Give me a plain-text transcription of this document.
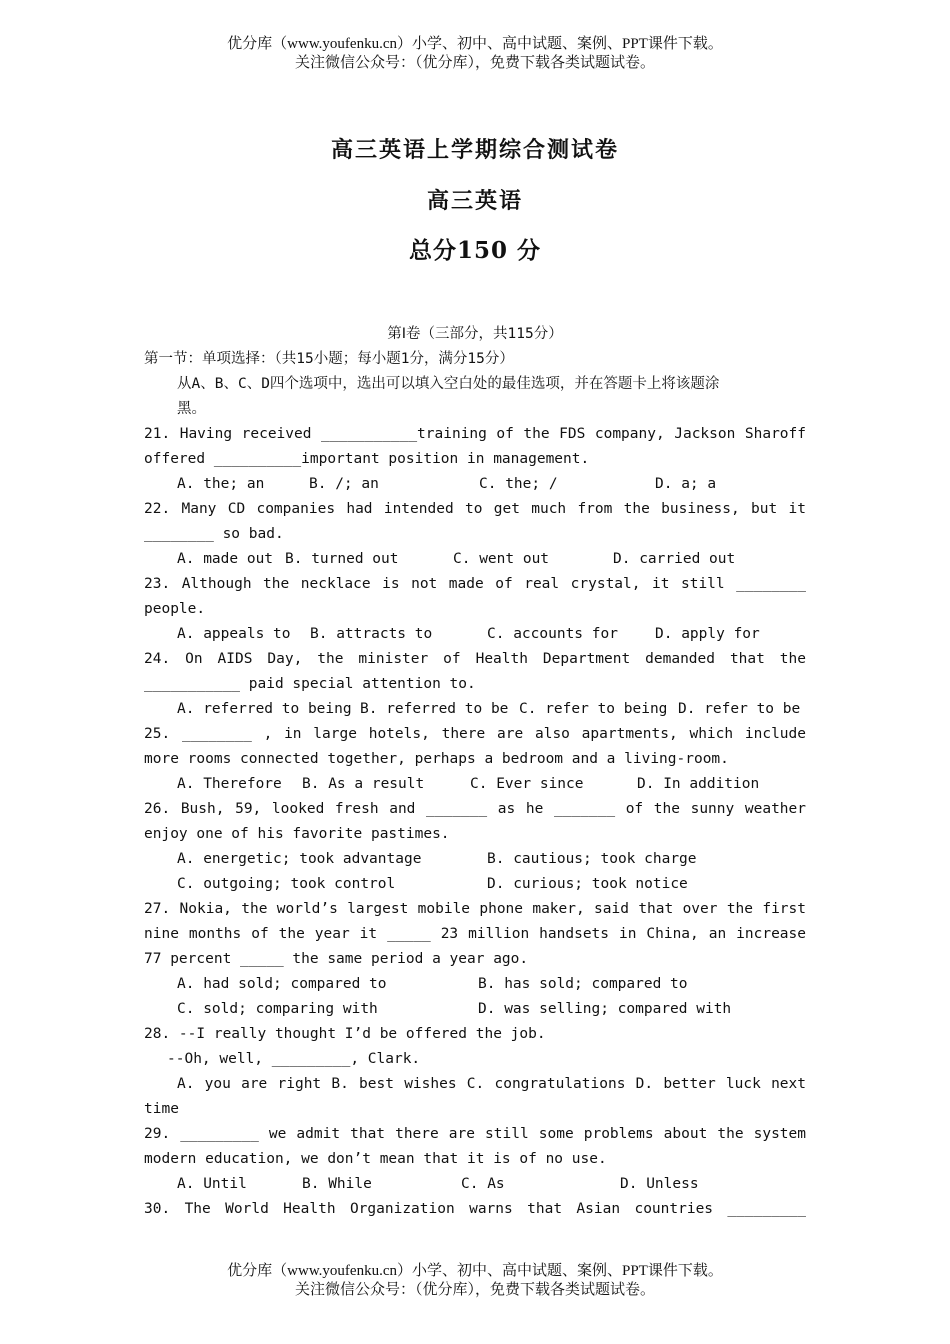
优分库（www.youfenku.cn）小学、初中、高中试题、案例、PPT课件下载。
关注微信公众号：（优分库），免费下载各类试题试卷。
高三英语上学期综合测试卷
高三英语
总分150 分
第Ⅰ卷（三部分，共115分）
第一节：单项选择：（共15小题；每小题1分，满分15分）
从A、B、C、D四个选项中，选出可以填入空白处的最佳选项，并在答题卡上将该题涂
黑。
21. Having received ___________training of the FDS company, Jackson Sharoff
offered __________important position in management.
A. the; an	B. /; an	C. the; /	D. a; a
22. Many CD companies had intended to get much from the business, but it
________ so bad.
A. made out B. turned out	C. went out	D. carried out
23. Although the necklace is not made of real crystal, it still ________
people.
A. appeals to	B. attracts to	C. accounts for	D. apply for
24. On AIDS Day, the minister of Health Department demanded that the
___________ paid special attention to.
A. referred to being B. referred to be C. refer to being D. refer to be
25. ________ , in large hotels, there are also apartments, which include
more rooms connected together, perhaps a bedroom and a living-room.
A. Therefore	B. As a result	C. Ever since	D. In addition
26. Bush, 59, looked fresh and _______ as he _______ of the sunny weather
enjoy one of his favorite pastimes.
A. energetic; took advantage	B. cautious; took charge
C. outgoing; took control	D. curious; took notice
27. Nokia, the world’s largest mobile phone maker, said that over the first
nine months of the year it _____ 23 million handsets in China, an increase
77 percent _____ the same period a year ago.
A. had sold; compared to	B. has sold; compared to
C. sold; comparing with	D. was selling; compared with
28. --I really thought I’d be offered the job.
--Oh, well, _________, Clark.
A. you are right B. best wishes C. congratulations D. better luck next
time
29. _________ we admit that there are still some problems about the system
modern education, we don’t mean that it is of no use.
A. Until	B. While	C. As	D. Unless
30. The World Health Organization warns that Asian countries _________
优分库（www.youfenku.cn）小学、初中、高中试题、案例、PPT课件下载。
关注微信公众号：（优分库），免费下载各类试题试卷。
